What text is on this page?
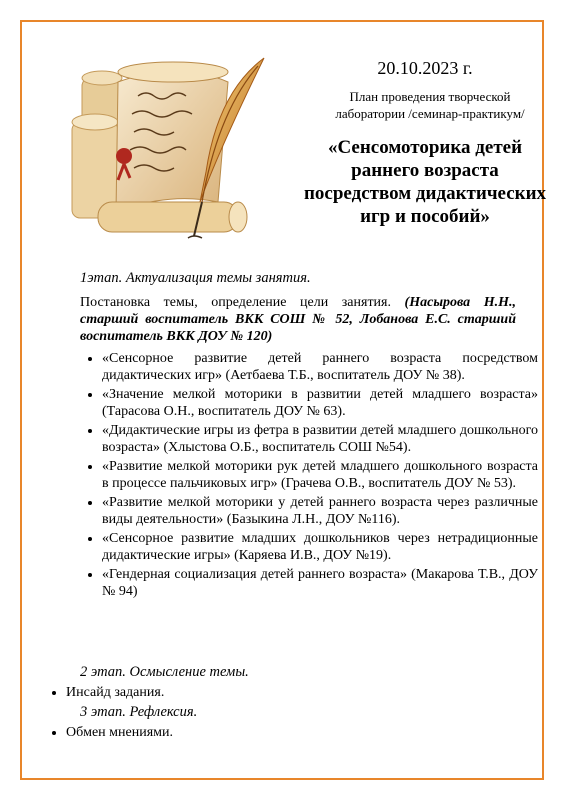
20.10.2023 г.
План проведения творческой лаборатории /семинар-практикум/
«Сенсомоторика детей раннего возраста посредством дидактических игр и пособий»
1этап. Актуализация темы занятия.
Постановка темы, определение цели занятия. (Насырова Н.Н., старший воспитатель ВКК СОШ № 52, Лобанова Е.С. старший воспитатель ВКК ДОУ № 120)
• «Сенсорное развитие детей раннего возраста посредством дидактических игр» (Аетбаева Т.Б., воспитатель ДОУ № 38).
• «Значение мелкой моторики в развитии детей младшего возраста» (Тарасова О.Н., воспитатель ДОУ № 63).
• «Дидактические игры из фетра в развитии детей младшего дошкольного возраста» (Хлыстова О.Б., воспитатель СОШ №54).
• «Развитие мелкой моторики рук детей младшего дошкольного возраста в процессе пальчиковых игр» (Грачева О.В., воспитатель ДОУ № 53).
• «Развитие мелкой моторики у детей раннего возраста через различные виды деятельности» (Базыкина Л.Н., ДОУ №116).
• «Сенсорное развитие младших дошкольников через нетрадиционные дидактические игры» (Каряева И.В., ДОУ №19).
• «Гендерная социализация детей раннего возраста» (Макарова Т.В., ДОУ № 94)
2 этап. Осмысление темы.
• Инсайд задания.
3 этап. Рефлексия.
• Обмен мнениями.
